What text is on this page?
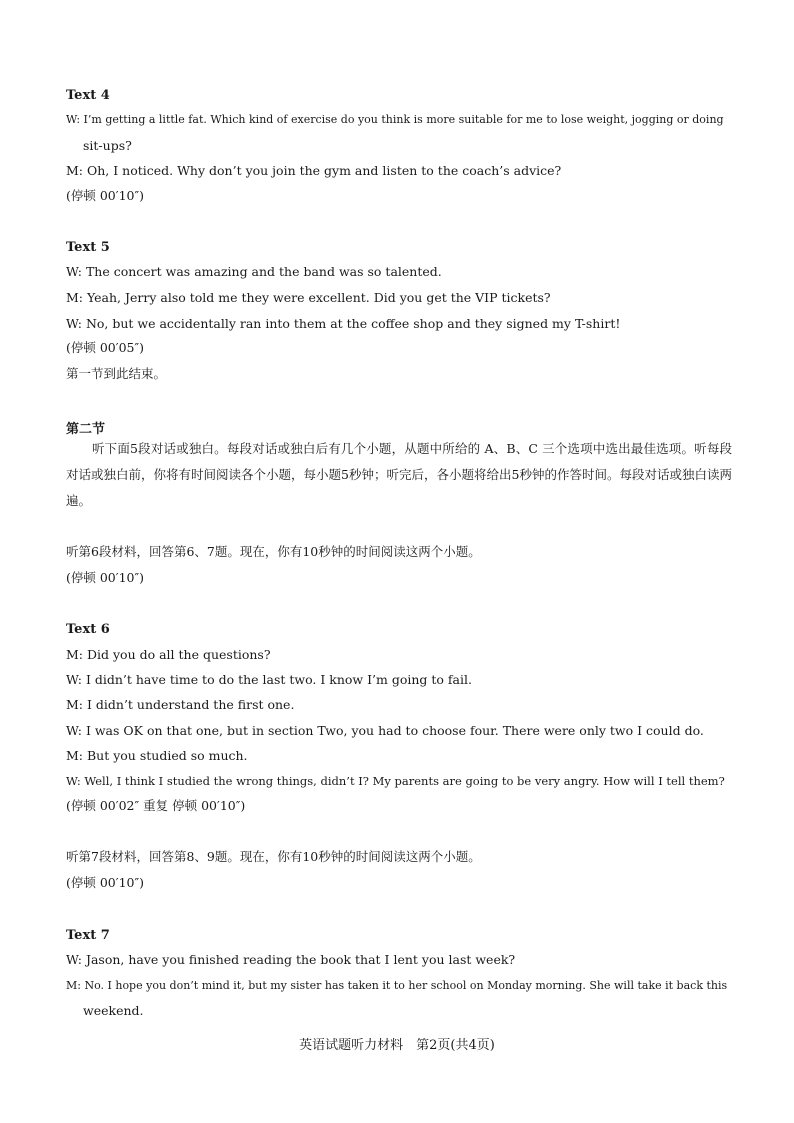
Text 4
W: I’m getting a little fat. Which kind of exercise do you think is more suitable for me to lose weight, jogging or doing
sit-ups?
M: Oh, I noticed. Why don’t you join the gym and listen to the coach’s advice?
(停顿 00′10″)
Text 5
W: The concert was amazing and the band was so talented.
M: Yeah, Jerry also told me they were excellent. Did you get the VIP tickets?
W: No, but we accidentally ran into them at the coffee shop and they signed my T-shirt!
(停顿 00′05″)
第一节到此结束。
第二节
听下面5段对话或独白。每段对话或独白后有几个小题，从题中所给的 A、B、C 三个选项中选出最佳选项。听每段对话或独白前，你将有时间阅读各个小题，每小题5秒钟；听完后，各小题将给出5秒钟的作答时间。每段对话或独白读两遍。
听第6段材料，回答第6、7题。现在，你有10秒钟的时间阅读这两个小题。
(停顿 00′10″)
Text 6
M: Did you do all the questions?
W: I didn’t have time to do the last two. I know I’m going to fail.
M: I didn’t understand the first one.
W: I was OK on that one, but in section Two, you had to choose four. There were only two I could do.
M: But you studied so much.
W: Well, I think I studied the wrong things, didn’t I? My parents are going to be very angry. How will I tell them?
(停顿 00′02″ 重复 停顿 00′10″)
听第7段材料，回答第8、9题。现在，你有10秒钟的时间阅读这两个小题。
(停顿 00′10″)
Text 7
W: Jason, have you finished reading the book that I lent you last week?
M: No. I hope you don’t mind it, but my sister has taken it to her school on Monday morning. She will take it back this
weekend.
英语试题听力材料　第2页(共4页)
